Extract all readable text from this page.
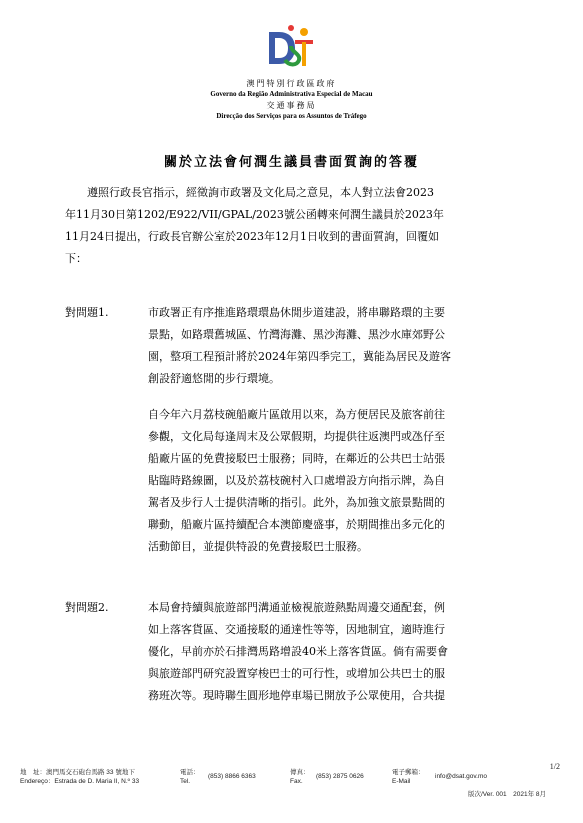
澳門特別行政區政府
Governo da Região Administrativa Especial de Macau
交通事務局
Direcção dos Serviços para os Assuntos de Tráfego
關於立法會何潤生議員書面質詢的答覆
遵照行政長官指示，經徵詢市政署及文化局之意見，本人對立法會2023
年11月30日第1202/E922/VII/GPAL/2023號公函轉來何潤生議員於2023年
11月24日提出，行政長官辦公室於2023年12月1日收到的書面質詢，回覆如
下：
對問題1.	市政署正有序推進路環環島休閒步道建設，將串聯路環的主要
景點，如路環舊城區、竹灣海灘、黑沙海灘、黑沙水庫郊野公
園，整項工程預計將於2024年第四季完工，冀能為居民及遊客
創設舒適悠閒的步行環境。
自今年六月荔枝碗船廠片區啟用以來，為方便居民及旅客前往
參觀，文化局每逢周末及公眾假期，均提供往返澳門或氹仔至
船廠片區的免費接駁巴士服務；同時，在鄰近的公共巴士站張
貼臨時路線圖，以及於荔枝碗村入口處增設方向指示牌，為自
駕者及步行人士提供清晰的指引。此外，為加強文旅景點間的
聯動，船廠片區持續配合本澳節慶盛事，於期間推出多元化的
活動節目，並提供特設的免費接駁巴士服務。
對問題2.	本局會持續與旅遊部門溝通並檢視旅遊熱點周邊交通配套，例
如上落客貨區、交通接駁的通達性等等，因地制宜，適時進行
優化，早前亦於石排灣馬路增設40米上落客貨區。倘有需要會
與旅遊部門研究設置穿梭巴士的可行性，或增加公共巴士的服
務班次等。現時聯生圓形地停車場已開放予公眾使用，合共提
1/2
地　址：澳門馬交石砲台馬路 33 號地下
Endereço：Estrada de D. Maria II, N.º 33
電話：
Tel.
(853) 8866 6363
傳真：
Fax.
(853) 2875 0626
電子郵箱：
E-Mail
info@dsat.gov.mo
版次/Ver. 001　2021年 8月
